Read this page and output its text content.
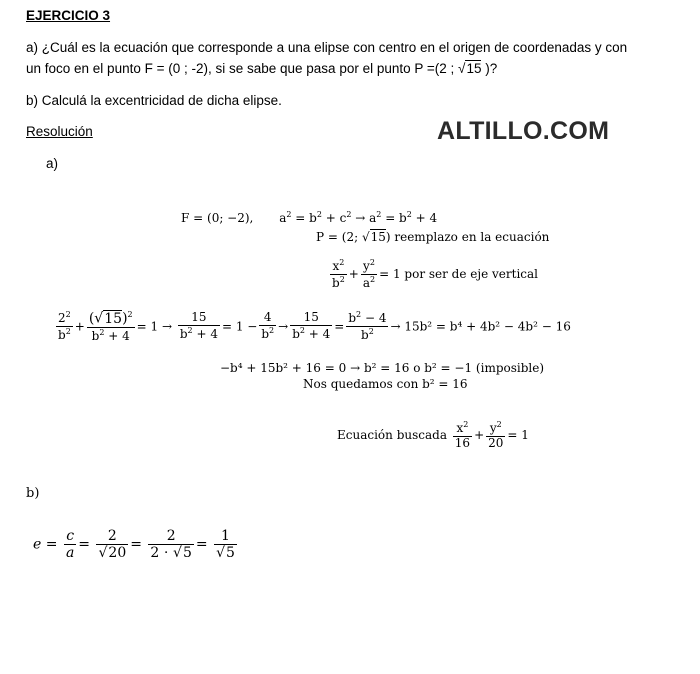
EJERCICIO 3
a) ¿Cuál es la ecuación que corresponde a una elipse con centro en el origen de coordenadas y con
un foco en el punto F = (0 ; -2), si se sabe que pasa por el punto P =(2 ; √15 )?
b) Calculá la excentricidad de dicha elipse.
Resolución	ALTILLO.COM
a)
F = (0; −2), $a^2 = b^2 + c^2 \to a^2 = b^2 + 4$
P = (2; √15) reemplazo en la ecuación
$\frac{x^2}{b^2} + \frac{y^2}{a^2} = 1$ por ser de eje vertical
$\frac{2^2}{b^2} + \frac{(√15)^2}{b^2 + 4} = 1 \to \frac{15}{b^2 + 4} = 1 - \frac{4}{b^2} \to \frac{15}{b^2 + 4} = \frac{b^2 - 4}{b^2} \to 15b^2 = b^4 + 4b^2 - 4b^2 - 16$
−b⁴ + 15b² + 16 = 0 → b² = 16 o b² = −1 (imposible)
Nos quedamos con b² = 16
Ecuación buscada $\frac{x^2}{16} + \frac{y^2}{20} = 1$
b)
$e = \frac{c}{a} = \frac{2}{√20} = \frac{2}{2 \cdot √5} = \frac{1}{√5}$
